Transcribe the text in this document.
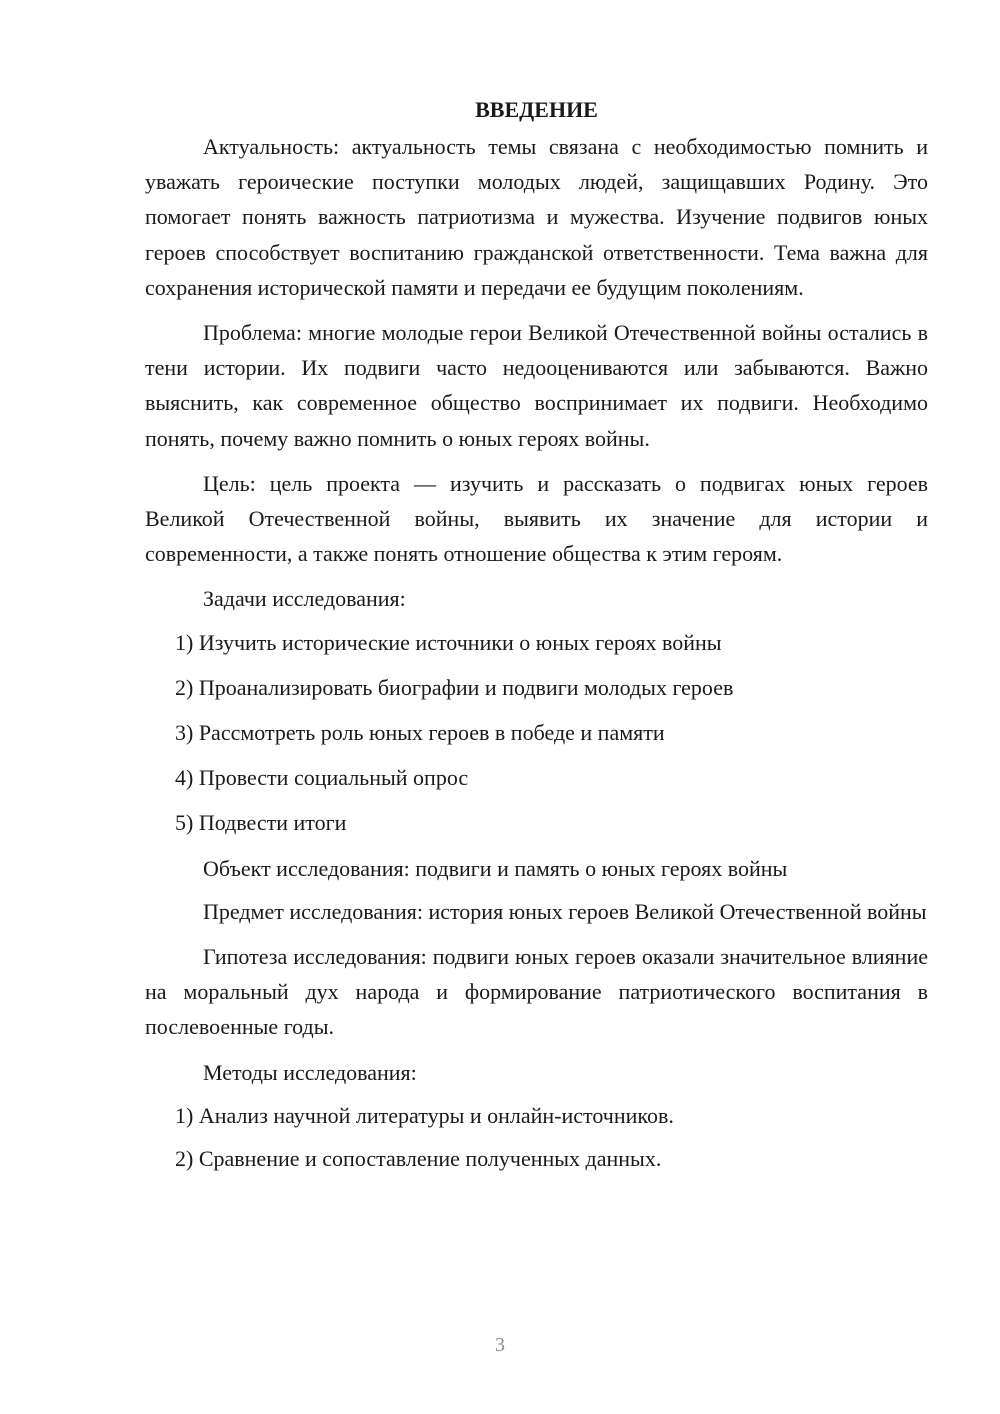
ВВЕДЕНИЕ

Актуальность: актуальность темы связана с необходимостью помнить и уважать героические поступки молодых людей, защищавших Родину. Это помогает понять важность патриотизма и мужества. Изучение подвигов юных героев способствует воспитанию гражданской ответственности. Тема важна для сохранения исторической памяти и передачи ее будущим поколениям.

Проблема: многие молодые герои Великой Отечественной войны остались в тени истории. Их подвиги часто недооцениваются или забываются. Важно выяснить, как современное общество воспринимает их подвиги. Необходимо понять, почему важно помнить о юных героях войны.

Цель: цель проекта — изучить и рассказать о подвигах юных героев Великой Отечественной войны, выявить их значение для истории и современности, а также понять отношение общества к этим героям.

Задачи исследования:

1) Изучить исторические источники о юных героях войны
2) Проанализировать биографии и подвиги молодых героев
3) Рассмотреть роль юных героев в победе и памяти
4) Провести социальный опрос
5) Подвести итоги

Объект исследования: подвиги и память о юных героях войны

Предмет исследования: история юных героев Великой Отечественной войны

Гипотеза исследования: подвиги юных героев оказали значительное влияние на моральный дух народа и формирование патриотического воспитания в послевоенные годы.

Методы исследования:

1) Анализ научной литературы и онлайн-источников.
2) Сравнение и сопоставление полученных данных.
3
